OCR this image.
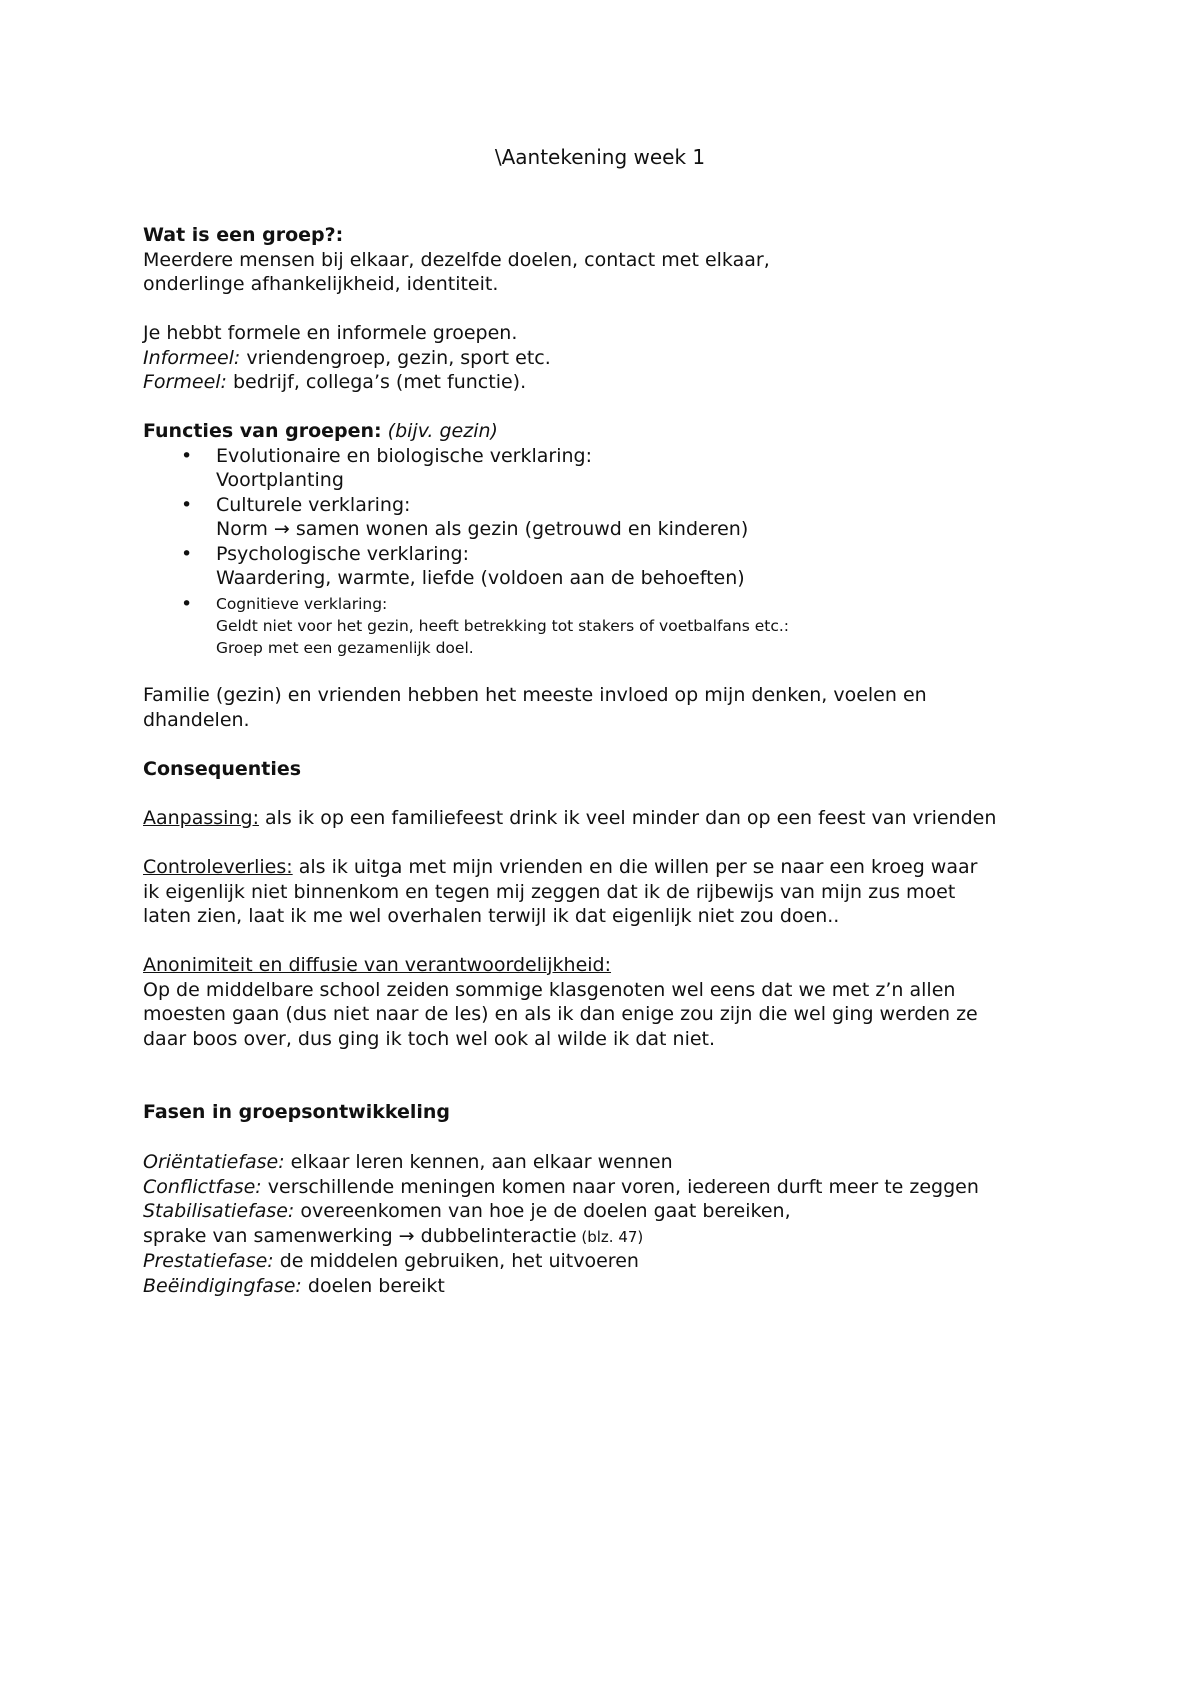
\Aantekening week 1

Wat is een groep?:

Meerdere mensen bij elkaar, dezelfde doelen, contact met elkaar,

onderlinge afhankelijkheid, identiteit.

Je hebbt formele en informele groepen.

Informeel: vriendengroep, gezin, sport etc.

Formeel: bedrijf, collega’s (met functie).

Functies van groepen: (bijv. gezin)

• Evolutionaire en biologische verklaring:
Voortplanting
• Culturele verklaring:
Norm → samen wonen als gezin (getrouwd en kinderen)
• Psychologische verklaring:
Waardering, warmte, liefde (voldoen aan de behoeften)
• Cognitieve verklaring:
Geldt niet voor het gezin, heeft betrekking tot stakers of voetbalfans etc.:
Groep met een gezamenlijk doel.

Familie (gezin) en vrienden hebben het meeste invloed op mijn denken, voelen en

dhandelen.

Consequenties

Aanpassing: als ik op een familiefeest drink ik veel minder dan op een feest van vrienden

Controleverlies: als ik uitga met mijn vrienden en die willen per se naar een kroeg waar

ik eigenlijk niet binnenkom en tegen mij zeggen dat ik de rijbewijs van mijn zus moet

laten zien, laat ik me wel overhalen terwijl ik dat eigenlijk niet zou doen..

Anonimiteit en diffusie van verantwoordelijkheid:

Op de middelbare school zeiden sommige klasgenoten wel eens dat we met z’n allen

moesten gaan (dus niet naar de les) en als ik dan enige zou zijn die wel ging werden ze

daar boos over, dus ging ik toch wel ook al wilde ik dat niet.

Fasen in groepsontwikkeling

Oriëntatiefase: elkaar leren kennen, aan elkaar wennen

Conflictfase: verschillende meningen komen naar voren, iedereen durft meer te zeggen

Stabilisatiefase: overeenkomen van hoe je de doelen gaat bereiken,

sprake van samenwerking → dubbelinteractie (blz. 47)

Prestatiefase: de middelen gebruiken, het uitvoeren

Beëindigingfase: doelen bereikt
